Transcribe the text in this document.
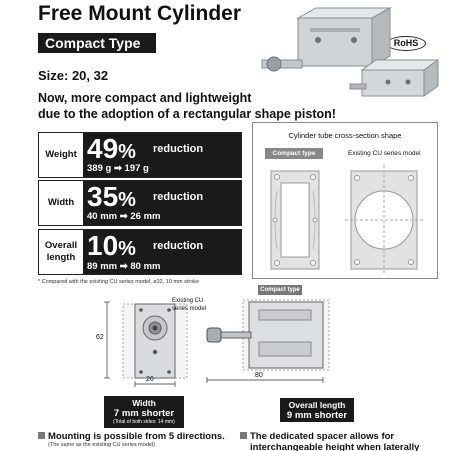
Free Mount Cylinder
Compact Type	RoHS
Size: 20, 32
Now, more compact and lightweight
due to the adoption of a rectangular shape piston!
Weight 49% reduction
389 g ➡ 197 g
Width 35% reduction
40 mm ➡ 26 mm
Overall
length 10% reduction
89 mm ➡ 80 mm
* Compared with the existing CU series model, ø32, 10 mm stroke
Cylinder tube cross-section shape
Compact type	Existing CU series model
62
26
Existing CU
series model
Compact type
80
Width
7 mm shorter
(Total of both sides: 14 mm)
Overall length
9 mm shorter
Mounting is possible from 5 directions.
(The same as the existing CU series model)
The dedicated spacer allows for
interchangeable height when laterally
